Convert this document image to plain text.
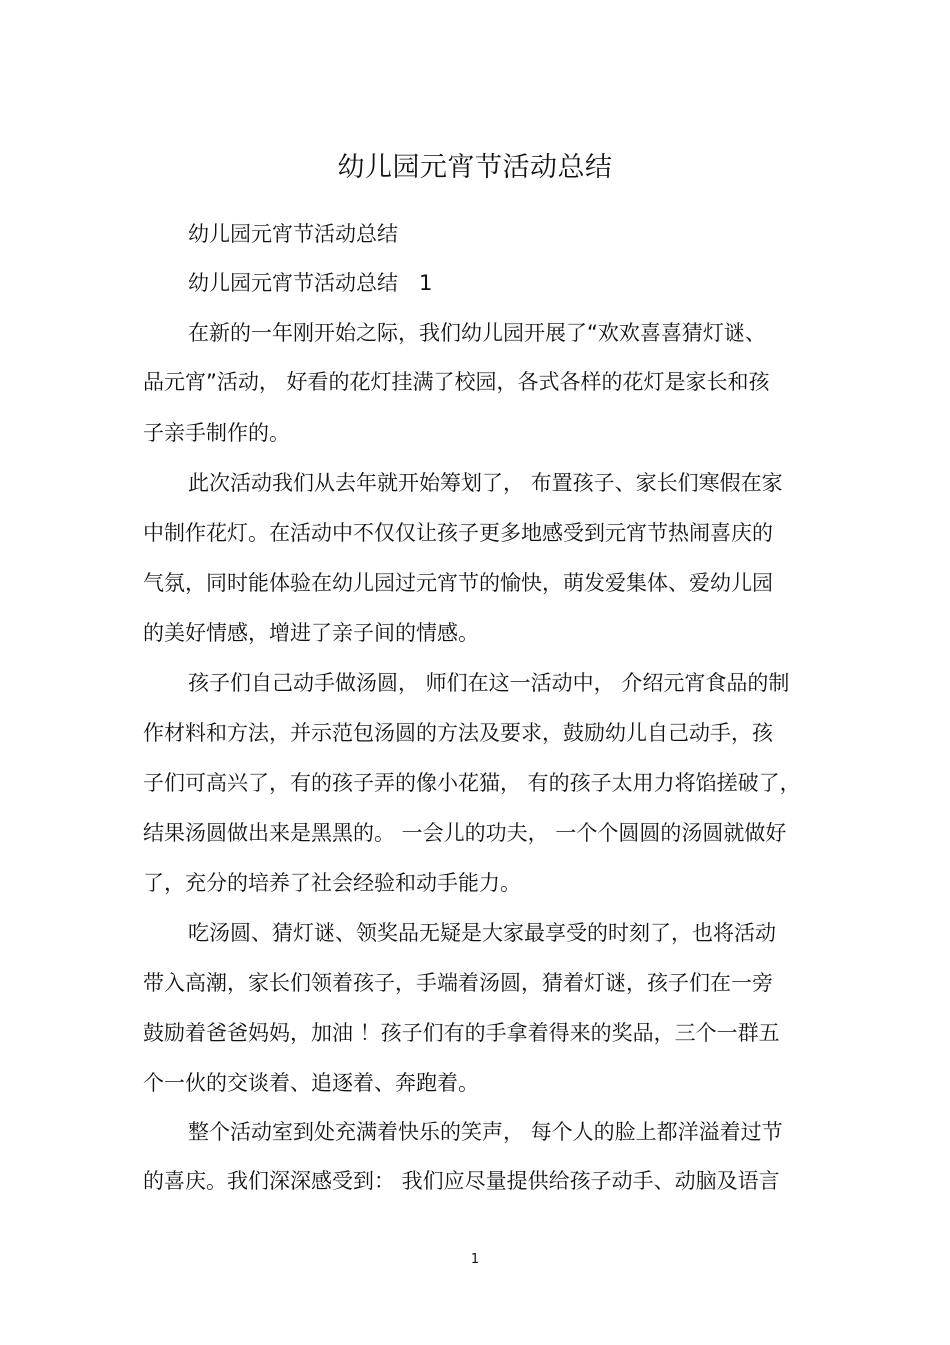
幼儿园元宵节活动总结
幼儿园元宵节活动总结
幼儿园元宵节活动总结　1
在新的一年刚开始之际，我们幼儿园开展了“欢欢喜喜猜灯谜、
品元宵”活动， 好看的花灯挂满了校园，各式各样的花灯是家长和孩
子亲手制作的。
此次活动我们从去年就开始筹划了， 布置孩子、家长们寒假在家
中制作花灯。在活动中不仅仅让孩子更多地感受到元宵节热闹喜庆的
气氛，同时能体验在幼儿园过元宵节的愉快，萌发爱集体、爱幼儿园
的美好情感，增进了亲子间的情感。
孩子们自己动手做汤圆， 师们在这一活动中， 介绍元宵食品的制
作材料和方法，并示范包汤圆的方法及要求，鼓励幼儿自己动手，孩
子们可高兴了，有的孩子弄的像小花猫， 有的孩子太用力将馅搓破了，
结果汤圆做出来是黑黑的。 一会儿的功夫， 一个个圆圆的汤圆就做好
了，充分的培养了社会经验和动手能力。
吃汤圆、猜灯谜、领奖品无疑是大家最享受的时刻了，也将活动
带入高潮，家长们领着孩子，手端着汤圆，猜着灯谜，孩子们在一旁
鼓励着爸爸妈妈，加油 ！孩子们有的手拿着得来的奖品，三个一群五
个一伙的交谈着、追逐着、奔跑着。
整个活动室到处充满着快乐的笑声， 每个人的脸上都洋溢着过节
的喜庆。我们深深感受到： 我们应尽量提供给孩子动手、动脑及语言
1
